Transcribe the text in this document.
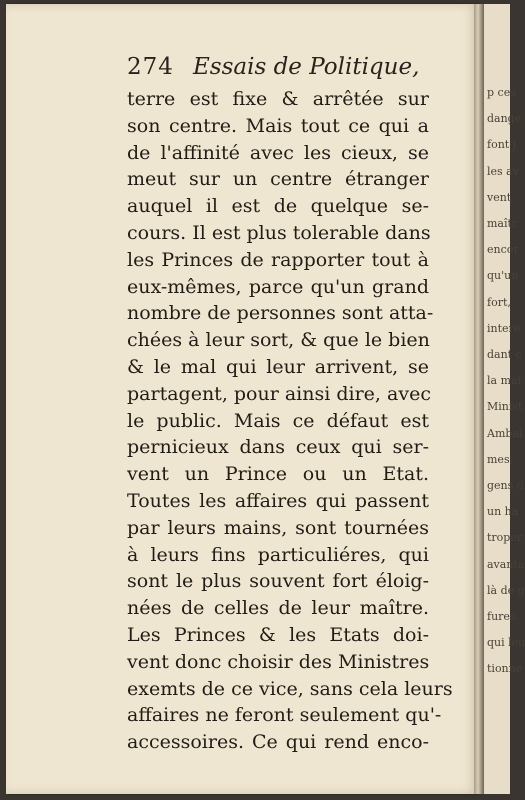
p ces
dange
font j
les av
vent
maîtr
encor
qu'un
fort,
intere
dant c
la mai
Minist
Ambal
mes,
gens d
un ha
troper
avanta
là de g
fures.
qui leu
tionne
274 Essais de Politique,
terre est fixe & arrêtée sur
son centre. Mais tout ce qui a
de l'affinité avec les cieux, se
meut sur un centre étranger
auquel il est de quelque se-
cours. Il est plus tolerable dans
les Princes de rapporter tout à
eux-mêmes, parce qu'un grand
nombre de personnes sont atta-
chées à leur sort, & que le bien
& le mal qui leur arrivent, se
partagent, pour ainsi dire, avec
le public. Mais ce défaut est
pernicieux dans ceux qui ser-
vent un Prince ou un Etat.
Toutes les affaires qui passent
par leurs mains, sont tournées
à leurs fins particuliéres, qui
sont le plus souvent fort éloig-
nées de celles de leur maître.
Les Princes & les Etats doi-
vent donc choisir des Ministres
exemts de ce vice, sans cela leurs
affaires ne feront seulement qu'-
accessoires. Ce qui rend enco-
